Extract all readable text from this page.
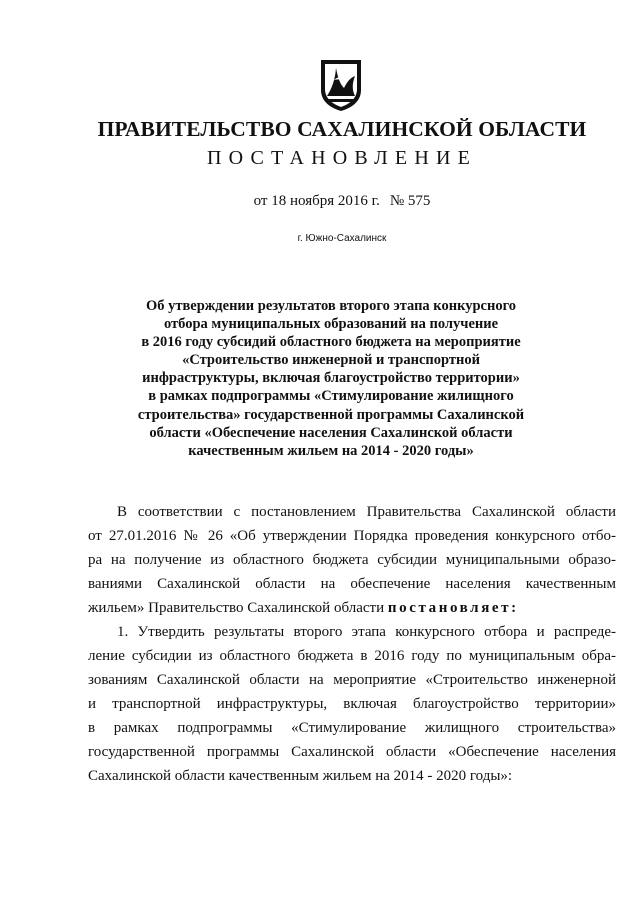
ПРАВИТЕЛЬСТВО САХАЛИНСКОЙ ОБЛАСТИ
ПОСТАНОВЛЕНИЕ
от 18 ноября 2016 г. № 575
г. Южно-Сахалинск
Об утверждении результатов второго этапа конкурсного
отбора муниципальных образований на получение
в 2016 году субсидий областного бюджета на мероприятие
«Строительство инженерной и транспортной
инфраструктуры, включая благоустройство территории»
в рамках подпрограммы «Стимулирование жилищного
строительства» государственной программы Сахалинской
области «Обеспечение населения Сахалинской области
качественным жильем на 2014 - 2020 годы»
В соответствии с постановлением Правительства Сахалинской области
от 27.01.2016 № 26 «Об утверждении Порядка проведения конкурсного отбо-
ра на получение из областного бюджета субсидии муниципальными образо-
ваниями Сахалинской области на обеспечение населения качественным
жильем» Правительство Сахалинской области постановляет:
1. Утвердить результаты второго этапа конкурсного отбора и распреде-
ление субсидии из областного бюджета в 2016 году по муниципальным обра-
зованиям Сахалинской области на мероприятие «Строительство инженерной
и транспортной инфраструктуры, включая благоустройство территории»
в рамках подпрограммы «Стимулирование жилищного строительства»
государственной программы Сахалинской области «Обеспечение населения
Сахалинской области качественным жильем на 2014 - 2020 годы»:
